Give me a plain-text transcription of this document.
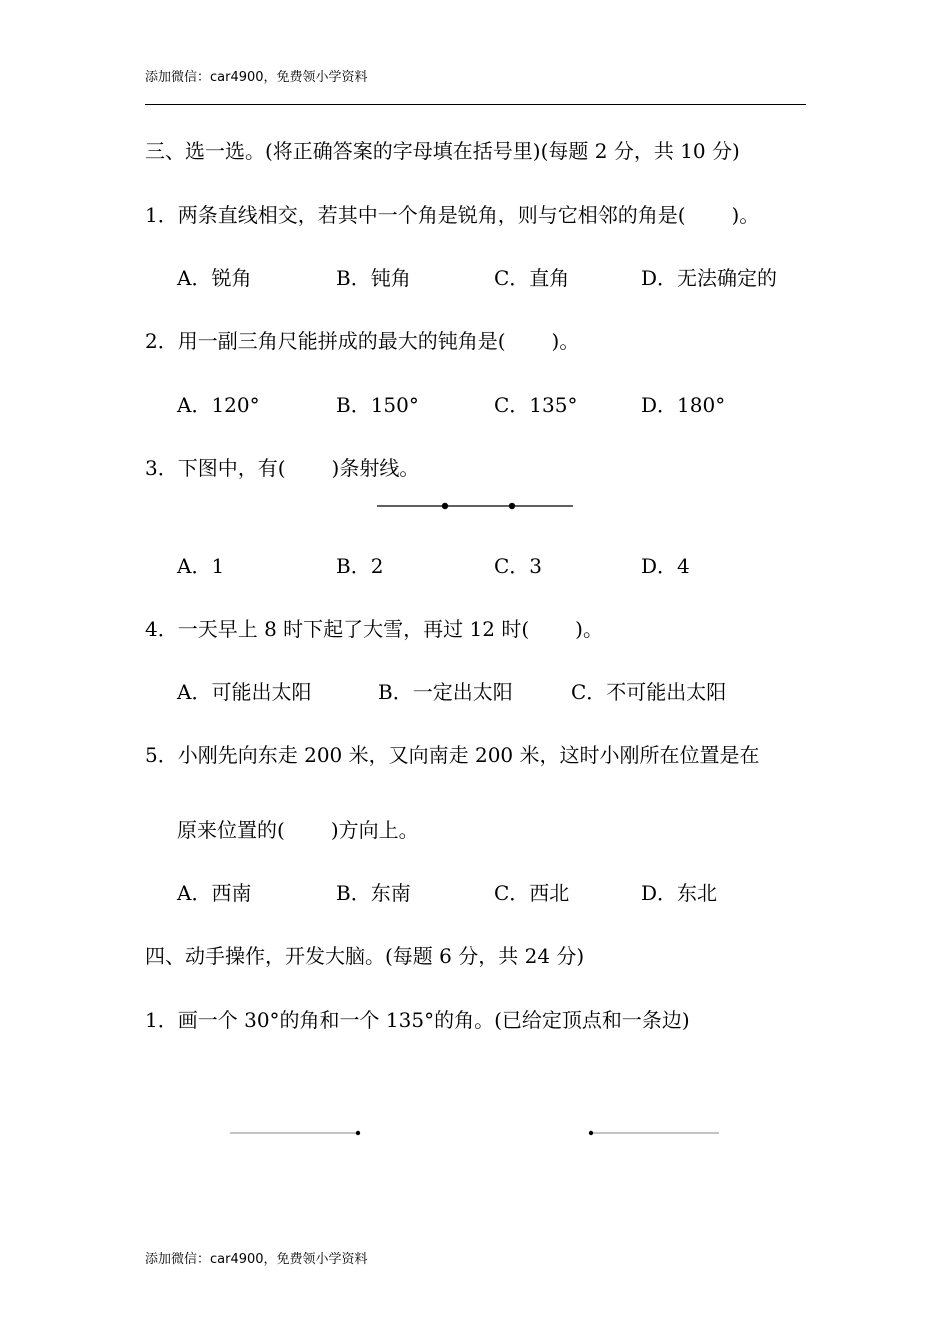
添加微信：car4900，免费领小学资料
三、选一选。(将正确答案的字母填在括号里)(每题 2 分，共 10 分)
1．两条直线相交，若其中一个角是锐角，则与它相邻的角是( )。
A．锐角	B．钝角	C．直角	D．无法确定的
2．用一副三角尺能拼成的最大的钝角是( )。
A．120°	B．150°	C．135°	D．180°
3．下图中，有( )条射线。
A．1	B．2	C．3	D．4
4．一天早上 8 时下起了大雪，再过 12 时( )。
A．可能出太阳	B．一定出太阳	C．不可能出太阳
5．小刚先向东走 200 米，又向南走 200 米，这时小刚所在位置是在
原来位置的( )方向上。
A．西南	B．东南	C．西北	D．东北
四、动手操作，开发大脑。(每题 6 分，共 24 分)
1．画一个 30°的角和一个 135°的角。(已给定顶点和一条边)
添加微信：car4900，免费领小学资料
